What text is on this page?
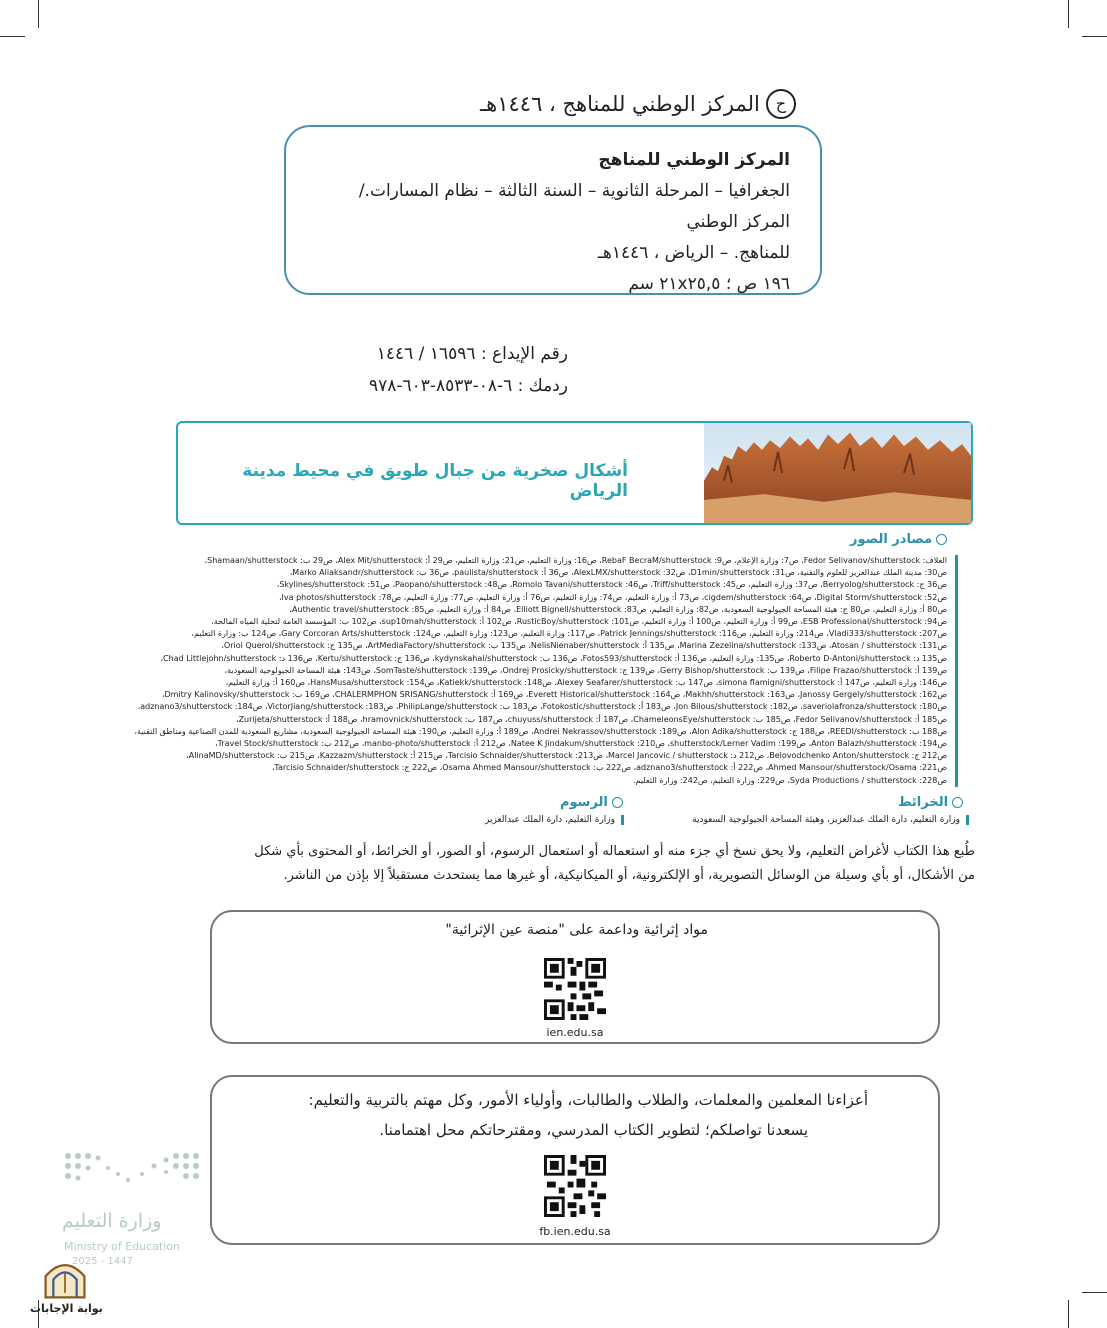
ح
المركز الوطني للمناهج ، ١٤٤٦هـ
المركز الوطني للمناهج
الجغرافيا – المرحلة الثانوية – السنة الثالثة – نظام المسارات./ المركز الوطني
للمناهج. – الرياض ، ١٤٤٦هـ
١٩٦ ص ؛ ٢١x٢٥,٥ سم
رقم الإيداع : ١٦٥٩٦ / ١٤٤٦
ردمك : ٦-٠٨-٨٥٣٣-٦٠٣-٩٧٨
أشكال صخرية من جبال طويق في محيط مدينة الرياض
مصادر الصور
الغلاف: Fedor Selivanov/shutterstock، ص7: وزارة الإعلام، ص9: RebaF BecraM/shutterstock، ص16: وزارة التعليم، ص21: وزارة التعليم، ص29 أ: Alex Mit/shutterstock، ص29 ب: Shamaan/shutterstock،
ص30: مدينة الملك عبدالعزيز للعلوم والتقنية، ص31: D1min/shutterstock، ص32: AlexLMX/shutterstock، ص36 أ: paulista/shutterstock، ص36 ب: Marko Aliaksandr/shutterstock،
ص36 ج: Berryolog/shutterstock، ص37: وزارة التعليم، ص45: Triff/shutterstock، ص46: Romolo Tavani/shutterstock، ص48: Paopano/shutterstock، ص51: Skylines/shutterstock،
ص52: Digital Storm/shutterstock، ص64: cigdem/shutterstock، ص73 أ: وزارة التعليم، ص74: وزارة التعليم، ص76 أ: وزارة التعليم، ص77: وزارة التعليم، ص78: Iva photos/shutterstock،
ص80 أ: وزارة التعليم، ص80 ج: هيئة المساحة الجيولوجية السعودية، ص82: وزارة التعليم، ص83: Elliott Bignell/shutterstock، ص84 أ: وزارة التعليم، ص85: Authentic travel/shutterstock،
ص94: ESB Professional/shutterstock، ص99 أ: وزارة التعليم، ص100 أ: وزارة التعليم، ص101: RusticBoy/shutterstock، ص102 أ: sup10mah/shutterstock، ص102 ب: المؤسسة العامة لتحلية المياه المالحة،
ص207: Vladi333/shutterstock، ص214: وزارة التعليم، ص116: Patrick Jennings/shutterstock، ص117: وزارة التعليم، ص123: وزارة التعليم، ص124: Gary Corcoran Arts/shutterstock، ص124 ب: وزارة التعليم،
ص131: Atosan / shutterstock، ص133: Marina Zezelina/shutterstock، ص135 أ: NelisNienaber/shutterstock، ص135 ب: ArtMediaFactory/shutterstock، ص135 ج: Oriol Querol/shutterstock،
ص135 د: Roberto D-Antoni/shutterstock، ص135: وزارة التعليم، ص136 أ: Fotos593/shutterstock، ص136 ب: kydynskahal/shutterstock، ص136 ج: Kertu/shutterstock، ص136 د: Chad Littlejohn/shutterstock،
ص139 أ: Filipe Frazao/shutterstock، ص139 ب: Gerry Bishop/shutterstock، ص139 ج: Ondrej Prosicky/shutterstock، ص139: SomTaste/shutterstock، ص143: هيئة المساحة الجيولوجية السعودية،
ص146: وزارة التعليم، ص147 أ: simona flamigni/shutterstock، ص147 ب: Alexey Seafarer/shutterstock، ص148: Katiekk/shutterstock، ص154: HansMusa/shutterstock، ص160 أ: وزارة التعليم،
ص162: Janossy Gergely/shutterstock، ص163: Makhh/shutterstock، ص164: Everett Historical/shutterstock، ص169 أ: CHALERMPHON SRISANG/shutterstock، ص169 ب: Dmitry Kalinovsky/shutterstock،
ص180: saveriolafronza/shutterstock، ص182: Jon Bilous/shutterstock، ص183 أ: Fotokostic/shutterstock، ص183 ب: PhilipLange/shutterstock، ص183: VictorJiang/shutterstock، ص184: adznano3/shutterstock،
ص185 أ: Fedor Selivanov/shutterstock، ص185 ب: ChameleonsEye/shutterstock، ص187 أ: chuyuss/shutterstock، ص187 ب: hramovnick/shutterstock، ص188 أ: Zurijeta/shutterstock،
ص188 ب: REEDI/shutterstock، ص188 ج: Alon Adika/shutterstock، ص189: Andrei Nekrassov/shutterstock، ص189 أ: وزارة التعليم، ص190: هيئة المساحة الجيولوجية السعودية، مشاريع السعودية للمدن الصناعية ومناطق التقنية،
ص194: Anton Balazh/shutterstock، ص199: shutterstock/Lerner Vadim، ص210: Natee K Jindakum/shutterstock، ص212 أ: manbo-photo/shutterstock، ص212 ب: Travel Stock/shutterstock،
ص212 ج: Belovodchenko Anton/shutterstock، ص212 د: Marcel Jancovic / shutterstock، ص213: Tarcisio Schnaider/shutterstock، ص215 أ: Kazzazm/shutterstock، ص215 ب: AlinaMD/shutterstock،
ص221: Ahmed Mansour/shutterstock/Osama، ص222 أ: adznano3/shutterstock، ص222 ب: Osama Ahmed Mansour/shutterstock، ص222 ج: Tarcisio Schnaider/shutterstock،
ص228: Syda Productions / shutterstock، ص229: وزارة التعليم، ص242: وزارة التعليم.
الخرائط
الرسوم
وزارة التعليم، دارة الملك عبدالعزيز، وهيئة المساحة الجيولوجية السعودية
وزارة التعليم، دارة الملك عبدالعزيز
طُبع هذا الكتاب لأغراض التعليم، ولا يحق نسخ أي جزء منه أو استعماله أو استعمال الرسوم، أو الصور، أو الخرائط، أو المحتوى بأي شكل
من الأشكال، أو بأي وسيلة من الوسائل التصويرية، أو الإلكترونية، أو الميكانيكية، أو غيرها مما يستحدث مستقبلاً إلا بإذن من الناشر.
مواد إثرائية وداعمة على "منصة عين الإثرائية"
ien.edu.sa
أعزاءنا المعلمين والمعلمات، والطلاب والطالبات، وأولياء الأمور، وكل مهتم بالتربية والتعليم:
يسعدنا تواصلكم؛ لتطوير الكتاب المدرسي، ومقترحاتكم محل اهتمامنا.
fb.ien.edu.sa
وزارة التعليم
Ministry of Education
2025 - 1447
بوابة الإجابات
